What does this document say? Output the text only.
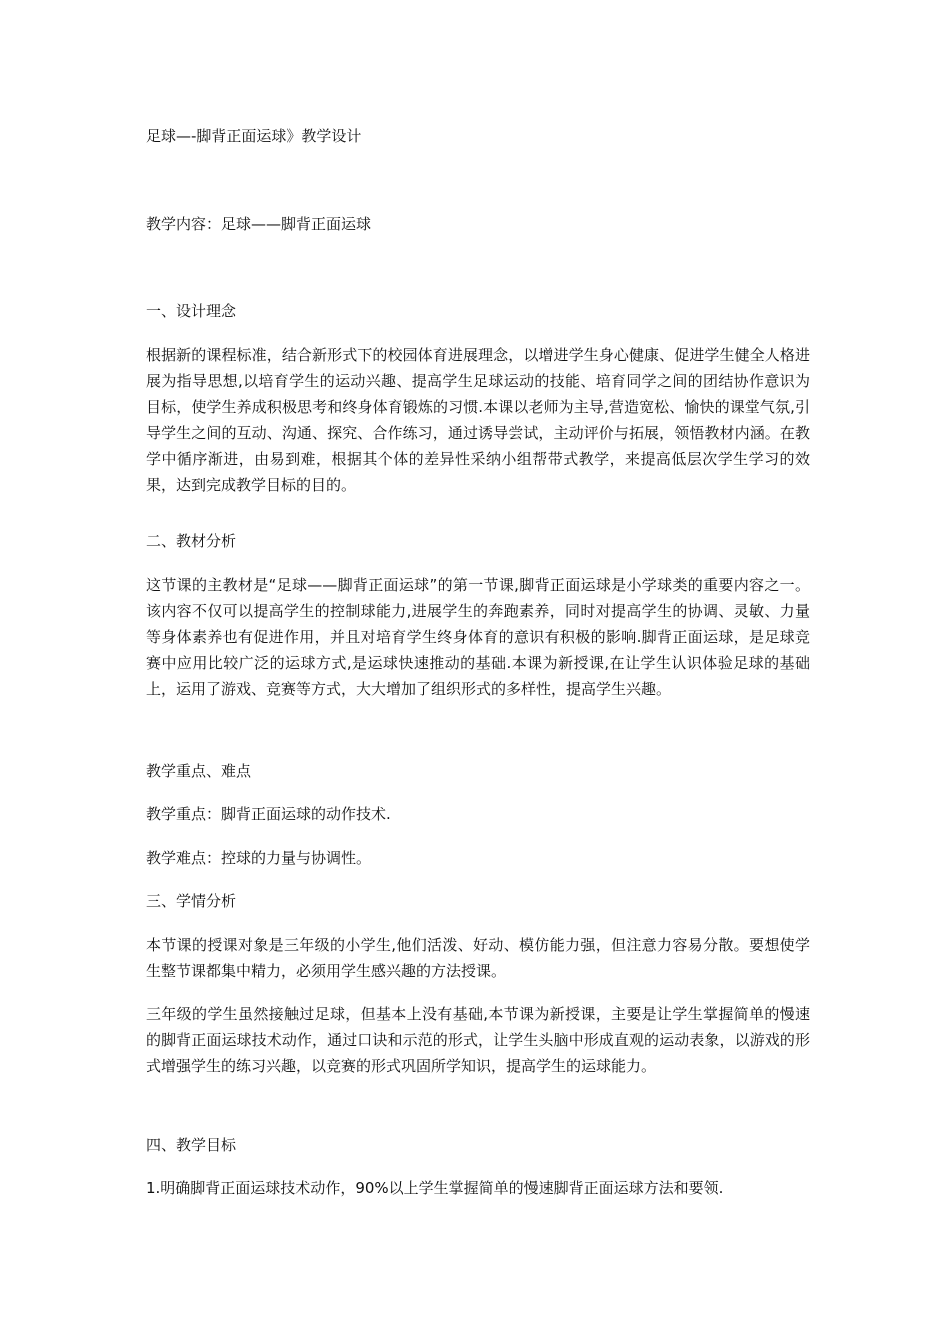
足球—-脚背正面运球》教学设计
教学内容：足球——脚背正面运球
一、设计理念
根据新的课程标准，结合新形式下的校园体育进展理念，以增进学生身心健康、促进学生健全人格进展为指导思想,以培育学生的运动兴趣、提高学生足球运动的技能、培育同学之间的团结协作意识为目标，使学生养成积极思考和终身体育锻炼的习惯.本课以老师为主导,营造宽松、愉快的课堂气氛,引导学生之间的互动、沟通、探究、合作练习，通过诱导尝试，主动评价与拓展，领悟教材内涵。在教学中循序渐进，由易到难，根据其个体的差异性采纳小组帮带式教学，来提高低层次学生学习的效果，达到完成教学目标的目的。
二、教材分析
这节课的主教材是“足球——脚背正面运球”的第一节课,脚背正面运球是小学球类的重要内容之一。该内容不仅可以提高学生的控制球能力,进展学生的奔跑素养，同时对提高学生的协调、灵敏、力量等身体素养也有促进作用，并且对培育学生终身体育的意识有积极的影响.脚背正面运球，是足球竞赛中应用比较广泛的运球方式,是运球快速推动的基础.本课为新授课,在让学生认识体验足球的基础上，运用了游戏、竞赛等方式，大大增加了组织形式的多样性，提高学生兴趣。
教学重点、难点
教学重点：脚背正面运球的动作技术.
教学难点：控球的力量与协调性。
三、学情分析
本节课的授课对象是三年级的小学生,他们活泼、好动、模仿能力强，但注意力容易分散。要想使学生整节课都集中精力，必须用学生感兴趣的方法授课。
三年级的学生虽然接触过足球，但基本上没有基础,本节课为新授课，主要是让学生掌握简单的慢速的脚背正面运球技术动作，通过口诀和示范的形式，让学生头脑中形成直观的运动表象，以游戏的形式增强学生的练习兴趣，以竞赛的形式巩固所学知识，提高学生的运球能力。
四、教学目标
1.明确脚背正面运球技术动作，90%以上学生掌握简单的慢速脚背正面运球方法和要领.
